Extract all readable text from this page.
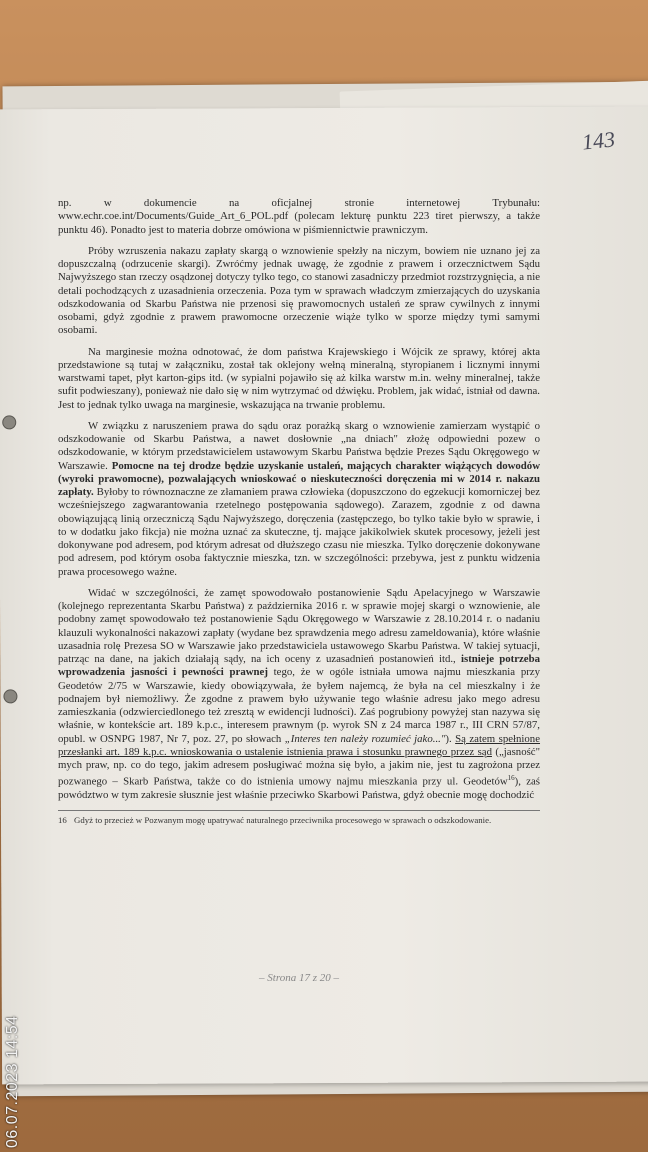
143

np. w dokumencie na oficjalnej stronie internetowej Trybunału: www.echr.coe.int/Documents/Guide_Art_6_POL.pdf (polecam lekturę punktu 223 tiret pierwszy, a także punktu 46). Ponadto jest to materia dobrze omówiona w piśmiennictwie prawniczym.

Próby wzruszenia nakazu zapłaty skargą o wznowienie spełzły na niczym, bowiem nie uznano jej za dopuszczalną (odrzucenie skargi). Zwróćmy jednak uwagę, że zgodnie z prawem i orzecznictwem Sądu Najwyższego stan rzeczy osądzonej dotyczy tylko tego, co stanowi zasadniczy przedmiot rozstrzygnięcia, a nie detali pochodzących z uzasadnienia orzeczenia. Poza tym w sprawach władczym zmierzających do uzyskania odszkodowania od Skarbu Państwa nie przenosi się prawomocnych ustaleń ze spraw cywilnych z innymi osobami, gdyż zgodnie z prawem prawomocne orzeczenie wiąże tylko w sporze między tymi samymi osobami.

Na marginesie można odnotować, że dom państwa Krajewskiego i Wójcik ze sprawy, której akta przedstawione są tutaj w załączniku, został tak oklejony wełną mineralną, styropianem i licznymi innymi warstwami tapet, płyt karton-gips itd. (w sypialni pojawiło się aż kilka warstw m.in. wełny mineralnej, także sufit podwieszany), ponieważ nie dało się w nim wytrzymać od dźwięku. Problem, jak widać, istniał od dawna. Jest to jednak tylko uwaga na marginesie, wskazująca na trwanie problemu.

W związku z naruszeniem prawa do sądu oraz porażką skarg o wznowienie zamierzam wystąpić o odszkodowanie od Skarbu Państwa, a nawet dosłownie „na dniach" złożę odpowiedni pozew o odszkodowanie, w którym przedstawicielem ustawowym Skarbu Państwa będzie Prezes Sądu Okręgowego w Warszawie. Pomocne na tej drodze będzie uzyskanie ustaleń, mających charakter wiążących dowodów (wyroki prawomocne), pozwalających wnioskować o nieskuteczności doręczenia mi w 2014 r. nakazu zapłaty. Byłoby to równoznaczne ze złamaniem prawa człowieka (dopuszczono do egzekucji komorniczej bez wcześniejszego zagwarantowania rzetelnego postępowania sądowego). Zarazem, zgodnie z od dawna obowiązującą linią orzeczniczą Sądu Najwyższego, doręczenia (zastępczego, bo tylko takie było w sprawie, i to w dodatku jako fikcja) nie można uznać za skuteczne, tj. mające jakikolwiek skutek procesowy, jeżeli jest dokonywane pod adresem, pod którym adresat od dłuższego czasu nie mieszka. Tylko doręczenie dokonywane pod adresem, pod którym osoba faktycznie mieszka, tzn. w szczególności: przebywa, jest z punktu widzenia prawa procesowego ważne.

Widać w szczególności, że zamęt spowodowało postanowienie Sądu Apelacyjnego w Warszawie (kolejnego reprezentanta Skarbu Państwa) z października 2016 r. w sprawie mojej skargi o wznowienie, ale podobny zamęt spowodowało też postanowienie Sądu Okręgowego w Warszawie z 28.10.2014 r. o nadaniu klauzuli wykonalności nakazowi zapłaty (wydane bez sprawdzenia mego adresu zameldowania), które właśnie uzasadnia rolę Prezesa SO w Warszawie jako przedstawiciela ustawowego Skarbu Państwa. W takiej sytuacji, patrząc na dane, na jakich działają sądy, na ich oceny z uzasadnień postanowień itd., istnieje potrzeba wprowadzenia jasności i pewności prawnej tego, że w ogóle istniała umowa najmu mieszkania przy Geodetów 2/75 w Warszawie, kiedy obowiązywała, że byłem najemcą, że była na cel mieszkalny i że podnajem był niemożliwy. Że zgodne z prawem było używanie tego właśnie adresu jako mego adresu zamieszkania (odzwierciedlonego też zresztą w ewidencji ludności). Zaś pogrubiony powyżej stan nazywa się właśnie, w kontekście art. 189 k.p.c., interesem prawnym (p. wyrok SN z 24 marca 1987 r., III CRN 57/87, opubl. w OSNPG 1987, Nr 7, poz. 27, po słowach „Interes ten należy rozumieć jako..."). Są zatem spełnione przesłanki art. 189 k.p.c. wnioskowania o ustalenie istnienia prawa i stosunku prawnego przez sąd („jasność" mych praw, np. co do tego, jakim adresem posługiwać można się było, a jakim nie, jest tu zagrożona przez pozwanego – Skarb Państwa, także co do istnienia umowy najmu mieszkania przy ul. Geodetów$^{16}$), zaś powództwo w tym zakresie słusznie jest właśnie przeciwko Skarbowi Państwa, gdyż obecnie mogę dochodzić

16 Gdyż to przecież w Pozwanym mogę upatrywać naturalnego przeciwnika procesowego w sprawach o odszkodowanie.
– Strona 17 z 20 –
06.07.2023 14:54
